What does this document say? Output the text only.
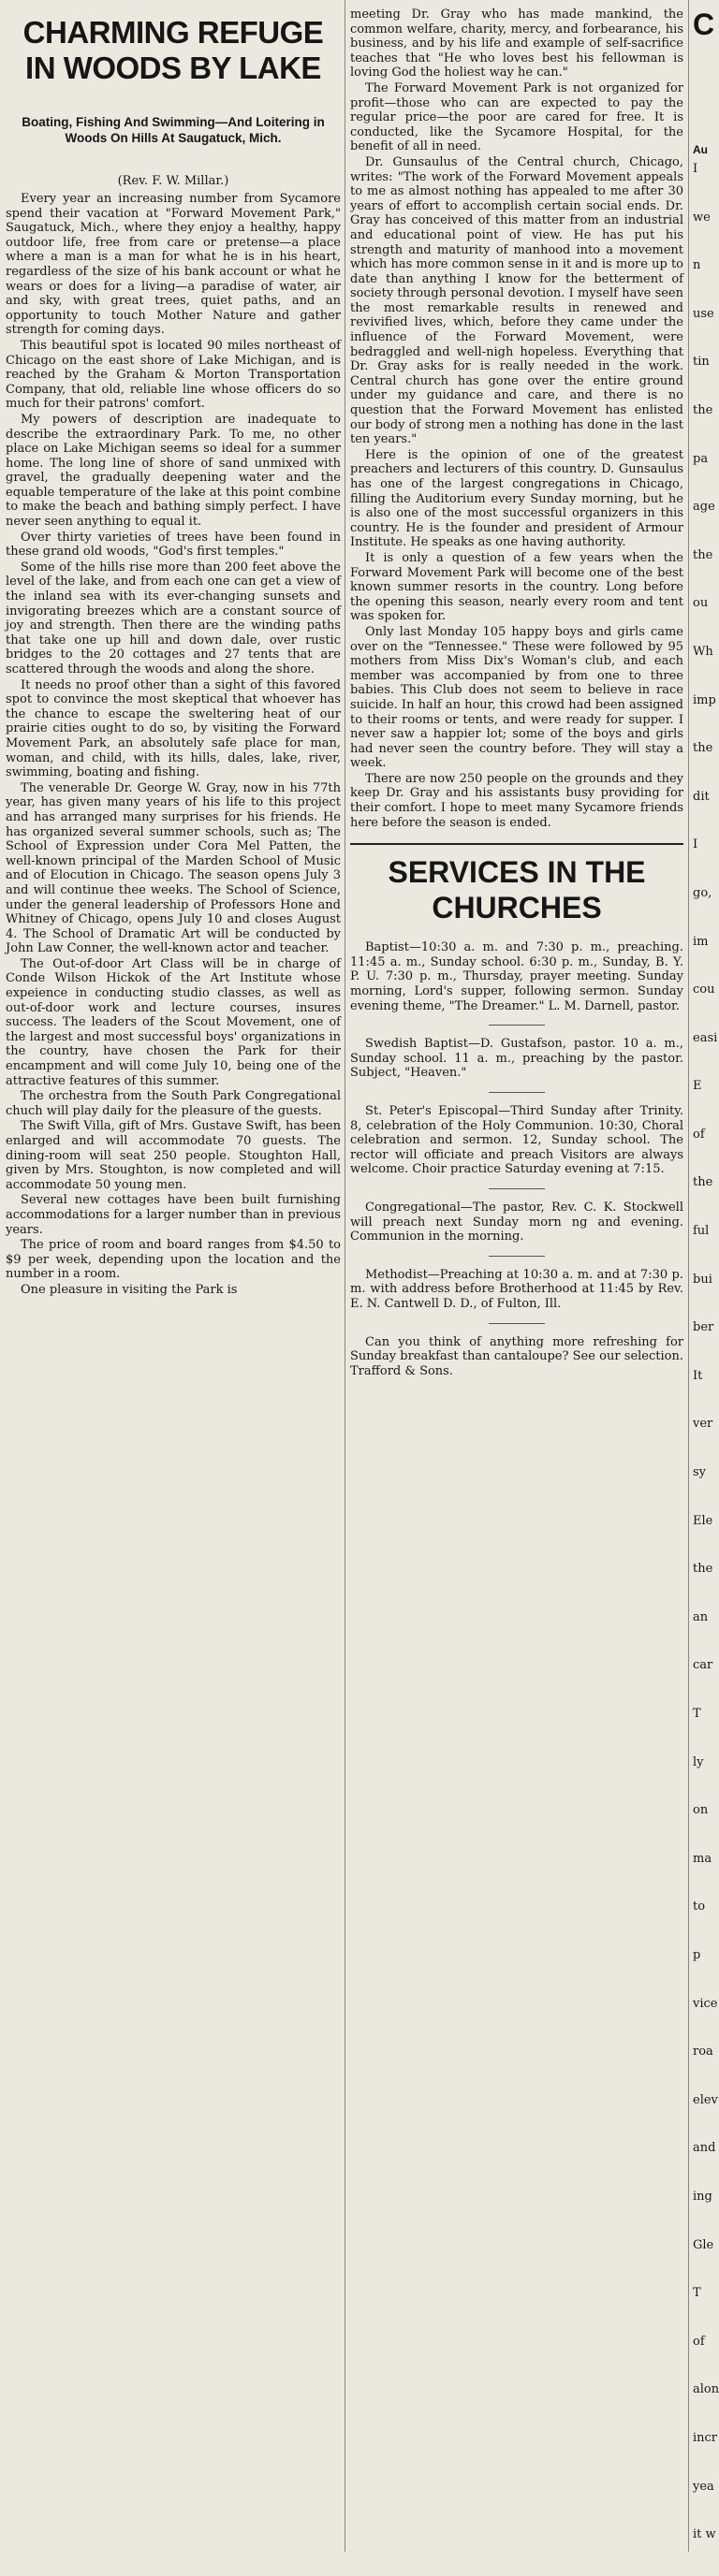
CHARMING REFUGE IN WOODS BY LAKE

Boating, Fishing And Swimming—And Loitering in Woods On Hills At Saugatuck, Mich.

(Rev. F. W. Millar.)

Every year an increasing number from Sycamore spend their vacation at "Forward Movement Park," Saugatuck, Mich., where they enjoy a healthy, happy outdoor life, free from care or pretense—a place where a man is a man for what he is in his heart, regardless of the size of his bank account or what he wears or does for a living—a paradise of water, air and sky, with great trees, quiet paths, and an opportunity to touch Mother Nature and gather strength for coming days.

This beautiful spot is located 90 miles northeast of Chicago on the east shore of Lake Michigan, and is reached by the Graham & Morton Transportation Company, that old, reliable line whose officers do so much for their patrons' comfort.

My powers of description are inadequate to describe the extraordinary Park. To me, no other place on Lake Michigan seems so ideal for a summer home. The long line of shore of sand unmixed with gravel, the gradually deepening water and the equable temperature of the lake at this point combine to make the beach and bathing simply perfect. I have never seen anything to equal it.

Over thirty varieties of trees have been found in these grand old woods, "God's first temples."

Some of the hills rise more than 200 feet above the level of the lake, and from each one can get a view of the inland sea with its ever-changing sunsets and invigorating breezes which are a constant source of joy and strength. Then there are the winding paths that take one up hill and down dale, over rustic bridges to the 20 cottages and 27 tents that are scattered through the woods and along the shore.

It needs no proof other than a sight of this favored spot to convince the most skeptical that whoever has the chance to escape the sweltering heat of our prairie cities ought to do so, by visiting the Forward Movement Park, an absolutely safe place for man, woman, and child, with its hills, dales, lake, river, swimming, boating and fishing.

The venerable Dr. George W. Gray, now in his 77th year, has given many years of his life to this project and has arranged many surprises for his friends. He has organized several summer schools, such as; The School of Expression under Cora Mel Patten, the well-known principal of the Marden School of Music and of Elocution in Chicago. The season opens July 3 and will continue thee weeks. The School of Science, under the general leadership of Professors Hone and Whitney of Chicago, opens July 10 and closes August 4. The School of Dramatic Art will be conducted by John Law Conner, the well-known actor and teacher.

The Out-of-door Art Class will be in charge of Conde Wilson Hickok of the Art Institute whose expeience in conducting studio classes, as well as out-of-door work and lecture courses, insures success. The leaders of the Scout Movement, one of the largest and most successful boys' organizations in the country, have chosen the Park for their encampment and will come July 10, being one of the attractive features of this summer.

The orchestra from the South Park Congregational chuch will play daily for the pleasure of the guests.

The Swift Villa, gift of Mrs. Gustave Swift, has been enlarged and will accommodate 70 guests. The dining-room will seat 250 people. Stoughton Hall, given by Mrs. Stoughton, is now completed and will accommodate 50 young men.

Several new cottages have been built furnishing accommodations for a larger number than in previous years.

The price of room and board ranges from $4.50 to $9 per week, depending upon the location and the number in a room.

One pleasure in visiting the Park is

meeting Dr. Gray who has made mankind, the common welfare, charity, mercy, and forbearance, his business, and by his life and example of self-sacrifice teaches that "He who loves best his fellowman is loving God the holiest way he can."

The Forward Movement Park is not organized for profit—those who can are expected to pay the regular price—the poor are cared for free. It is conducted, like the Sycamore Hospital, for the benefit of all in need.

Dr. Gunsaulus of the Central church, Chicago, writes: "The work of the Forward Movement appeals to me as almost nothing has appealed to me after 30 years of effort to accomplish certain social ends. Dr. Gray has conceived of this matter from an industrial and educational point of view. He has put his strength and maturity of manhood into a movement which has more common sense in it and is more up to date than anything I know for the betterment of society through personal devotion. I myself have seen the most remarkable results in renewed and revivified lives, which, before they came under the influence of the Forward Movement, were bedraggled and well-nigh hopeless. Everything that Dr. Gray asks for is really needed in the work. Central church has gone over the entire ground under my guidance and care, and there is no question that the Forward Movement has enlisted our body of strong men a nothing has done in the last ten years."

Here is the opinion of one of the greatest preachers and lecturers of this country. D. Gunsaulus has one of the largest congregations in Chicago, filling the Auditorium every Sunday morning, but he is also one of the most successful organizers in this country. He is the founder and president of Armour Institute. He speaks as one having authority.

It is only a question of a few years when the Forward Movement Park will become one of the best known summer resorts in the country. Long before the opening this season, nearly every room and tent was spoken for.

Only last Monday 105 happy boys and girls came over on the "Tennessee." These were followed by 95 mothers from Miss Dix's Woman's club, and each member was accompanied by from one to three babies. This Club does not seem to believe in race suicide. In half an hour, this crowd had been assigned to their rooms or tents, and were ready for supper. I never saw a happier lot; some of the boys and girls had never seen the country before. They will stay a week.

There are now 250 people on the grounds and they keep Dr. Gray and his assistants busy providing for their comfort. I hope to meet many Sycamore friends here before the season is ended.

SERVICES IN THE CHURCHES

Baptist—10:30 a. m. and 7:30 p. m., preaching. 11:45 a. m., Sunday school. 6:30 p. m., Sunday, B. Y. P. U. 7:30 p. m., Thursday, prayer meeting. Sunday morning, Lord's supper, following sermon. Sunday evening theme, "The Dreamer." L. M. Darnell, pastor.

Swedish Baptist—D. Gustafson, pastor. 10 a. m., Sunday school. 11 a. m., preaching by the pastor. Subject, "Heaven."

St. Peter's Episcopal—Third Sunday after Trinity. 8, celebration of the Holy Communion. 10:30, Choral celebration and sermon. 12, Sunday school. The rector will officiate and preach Visitors are always welcome. Choir practice Saturday evening at 7:15.

Congregational—The pastor, Rev. C. K. Stockwell will preach next Sunday morn ng and evening. Communion in the morning.

Methodist—Preaching at 10:30 a. m. and at 7:30 p. m. with address before Brotherhood at 11:45 by Rev. E. N. Cantwell D. D., of Fulton, Ill.

Can you think of anything more refreshing for Sunday breakfast than cantaloupe? See our selection. Trafford & Sons.

C
Au
I
we
n
use
tin
the
pa
age
the
ou
Wh
imp
the
dit
I
go,
im
cou
easi
E
of
the
ful
bui
ber
It
ver
sy
Ele
the
an
car
T
ly
on
ma
to
p
vice
roa
elev
and
ing
Gle
T
of
alon
incr
yea
it w
